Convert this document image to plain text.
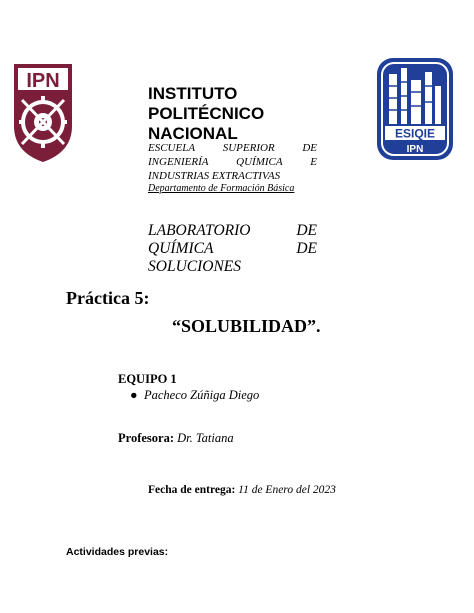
IPN
ESIQIE
IPN
INSTITUTO
POLITÉCNICO
NACIONAL
ESCUELA	SUPERIOR	DE
INGENIERÍA	QUÍMICA	E
INDUSTRIAS EXTRACTIVAS
Departamento de Formación Básica
LABORATORIO	DE
QUÍMICA	DE
SOLUCIONES
Práctica 5:
“SOLUBILIDAD”.
EQUIPO 1
● Pacheco Zúñiga Diego
Profesora: Dr. Tatiana
Fecha de entrega: 11 de Enero del 2023
Actividades previas:
